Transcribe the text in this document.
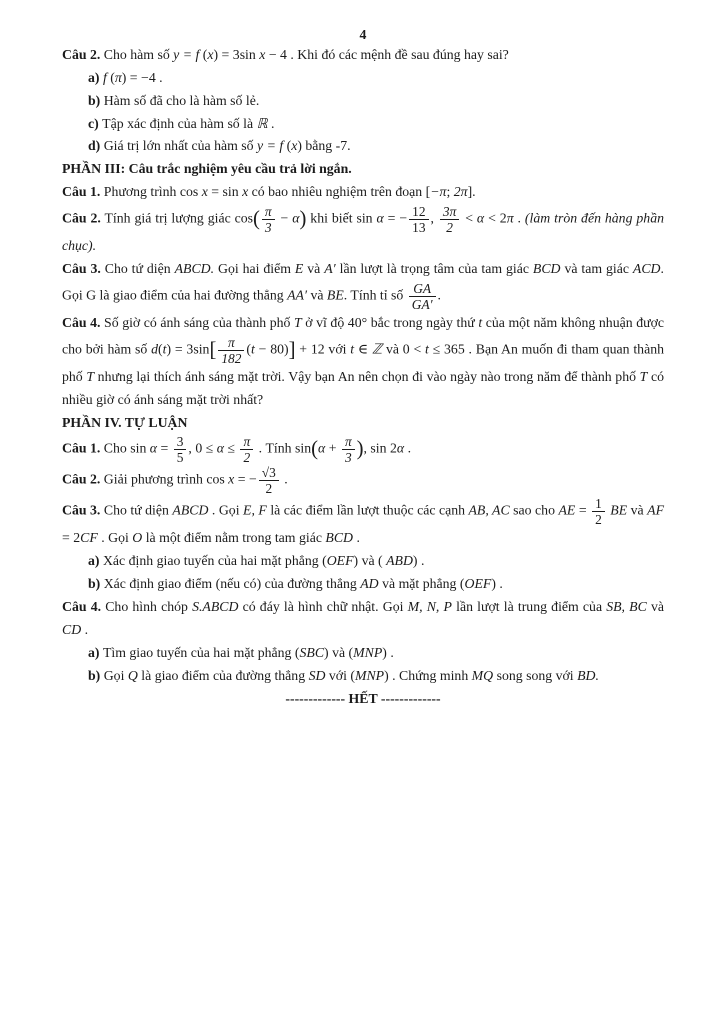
4

Câu 2. Cho hàm số y = f (x) = 3sin x − 4 . Khi đó các mệnh đề sau đúng hay sai?

a) f (π) = −4 .

b) Hàm số đã cho là hàm số lẻ.

c) Tập xác định của hàm số là ℝ .

d) Giá trị lớn nhất của hàm số y = f (x) bằng -7.

PHẦN III: Câu trắc nghiệm yêu cầu trả lời ngắn.

Câu 1. Phương trình cos x = sin x có bao nhiêu nghiệm trên đoạn [−π; 2π].

Câu 2. Tính giá trị lượng giác $\cos( \frac{\pi}{3} - \alpha)$ khi biết sin α = − $\frac{12}{13}$ , $\frac{3\pi}{2} < \alpha < 2\pi$ . (làm tròn đến hàng phần chục).

Câu 3. Cho tứ diện ABCD. Gọi hai điểm E và A′ lần lượt là trọng tâm của tam giác BCD và tam giác ACD. Gọi G là giao điểm của hai đường thẳng AA′ và BE. Tính tỉ số $\frac{GA}{GA'}$ .

Câu 4. Số giờ có ánh sáng của thành phố T ở vĩ độ 40° bắc trong ngày thứ t của một năm không nhuận được cho bởi hàm số $d(t) = 3\sin[ \frac{\pi}{182} (t - 80)] + 12$ với t ∈ ℤ và 0 < t ≤ 365 . Bạn An muốn đi tham quan thành phố T nhưng lại thích ánh sáng mặt trời. Vậy bạn An nên chọn đi vào ngày nào trong năm để thành phố T có nhiều giờ có ánh sáng mặt trời nhất?

PHẦN IV. TỰ LUẬN

Câu 1. Cho $\sin \alpha = \frac{3}{5}$ , $0 \le \alpha \le \frac{\pi}{2}$ . Tính $\sin(\alpha + \frac{\pi}{3}$ ), sin 2α .

Câu 2. Giải phương trình cos x = − $\frac{√3}{2}$ .

Câu 3. Cho tứ diện ABCD . Gọi E, F là các điểm lần lượt thuộc các cạnh AB, AC sao cho AE = $\frac{1}{2}$ BE và AF = 2CF . Gọi O là một điểm nằm trong tam giác BCD .

a) Xác định giao tuyến của hai mặt phẳng (OEF) và ( ABD) .

b) Xác định giao điểm (nếu có) của đường thẳng AD và mặt phẳng (OEF) .

Câu 4. Cho hình chóp S.ABCD có đáy là hình chữ nhật. Gọi M, N, P lần lượt là trung điểm của SB, BC và CD .

a) Tìm giao tuyến của hai mặt phẳng (SBC) và (MNP) .

b) Gọi Q là giao điểm của đường thẳng SD với (MNP) . Chứng minh MQ song song với BD.

------------- HẾT -------------
